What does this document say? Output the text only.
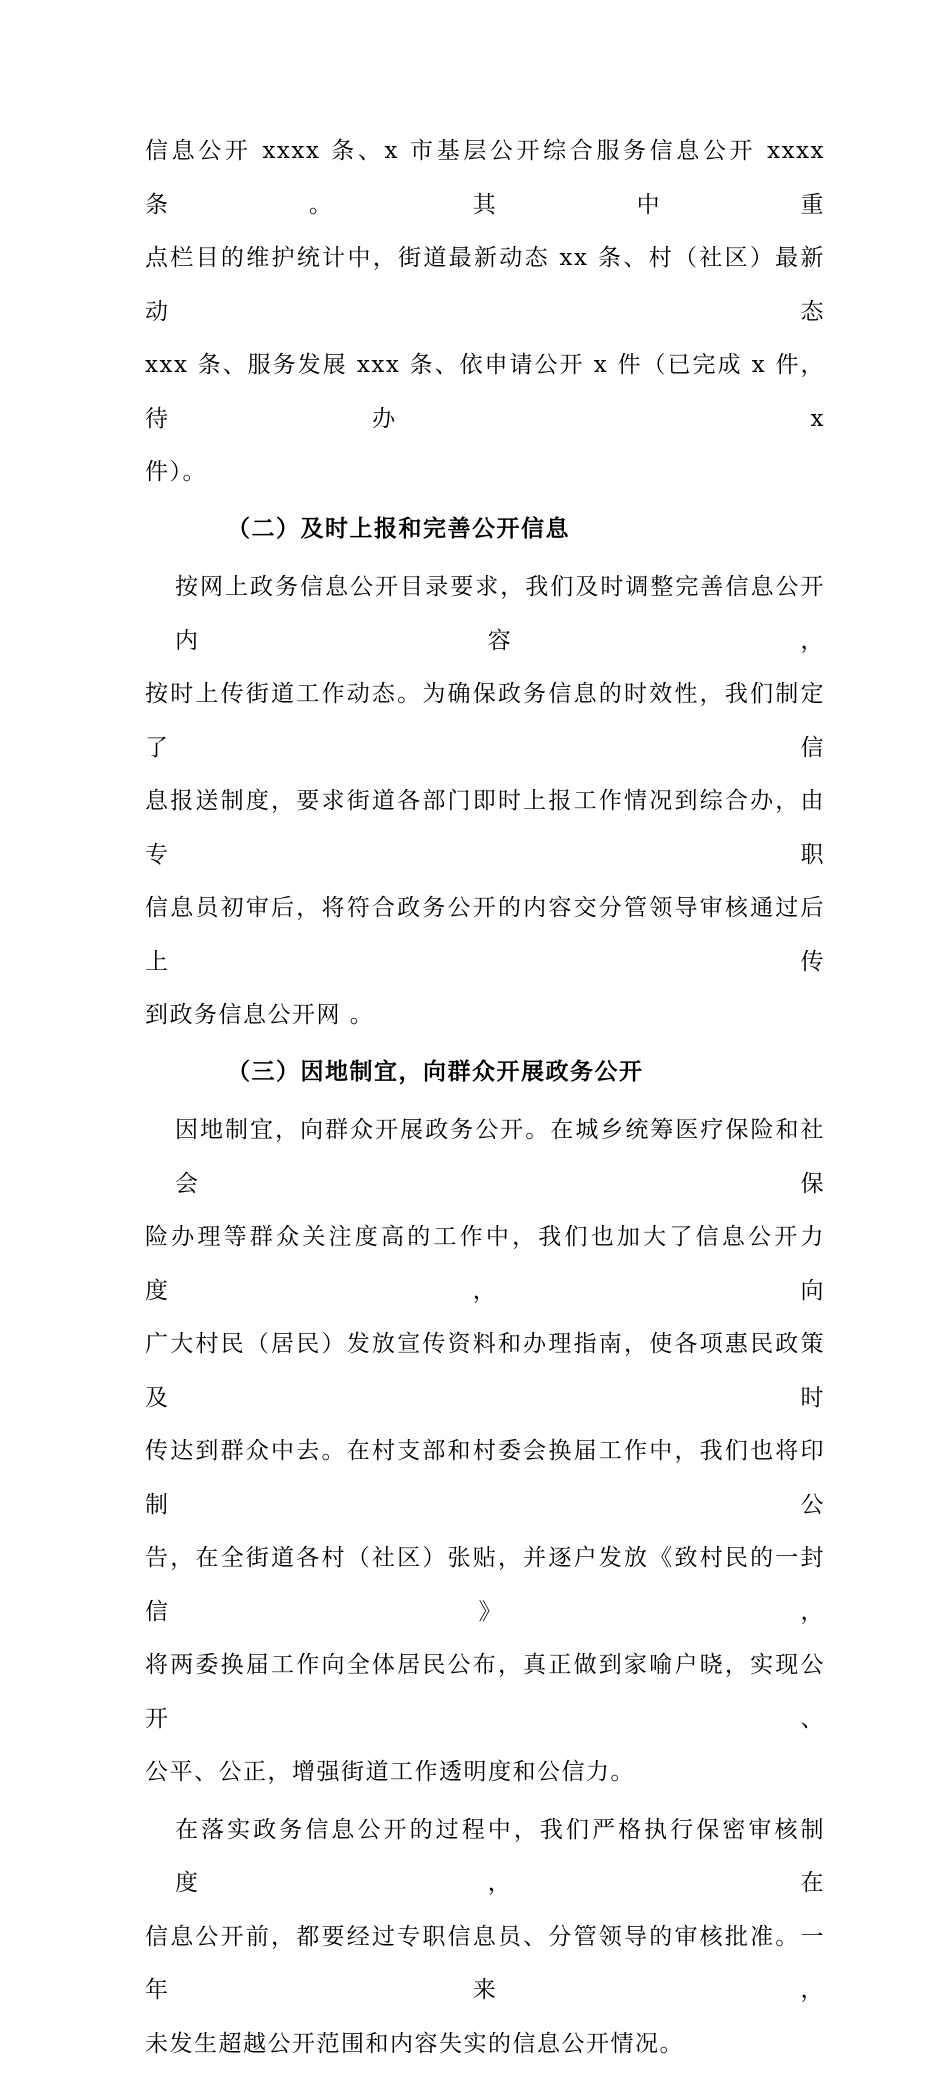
信息公开 xxxx 条、x 市基层公开综合服务信息公开 xxxx 条。其中重
点栏目的维护统计中，街道最新动态 xx 条、村（社区）最新动态
xxx 条、服务发展 xxx 条、依申请公开 x 件（已完成 x 件，待办 x
件）。
（二）及时上报和完善公开信息
按网上政务信息公开目录要求，我们及时调整完善信息公开内容，
按时上传街道工作动态。为确保政务信息的时效性，我们制定了信
息报送制度，要求街道各部门即时上报工作情况到综合办，由专职
信息员初审后，将符合政务公开的内容交分管领导审核通过后上传
到政务信息公开网 。
（三）因地制宜，向群众开展政务公开
因地制宜，向群众开展政务公开。在城乡统筹医疗保险和社会保
险办理等群众关注度高的工作中，我们也加大了信息公开力度，向
广大村民（居民）发放宣传资料和办理指南，使各项惠民政策及时
传达到群众中去。在村支部和村委会换届工作中，我们也将印制公
告，在全街道各村（社区）张贴，并逐户发放《致村民的一封信》，
将两委换届工作向全体居民公布，真正做到家喻户晓，实现公开、
公平、公正，增强街道工作透明度和公信力。
在落实政务信息公开的过程中，我们严格执行保密审核制度，在
信息公开前，都要经过专职信息员、分管领导的审核批准。一年来，
未发生超越公开范围和内容失实的信息公开情况。
